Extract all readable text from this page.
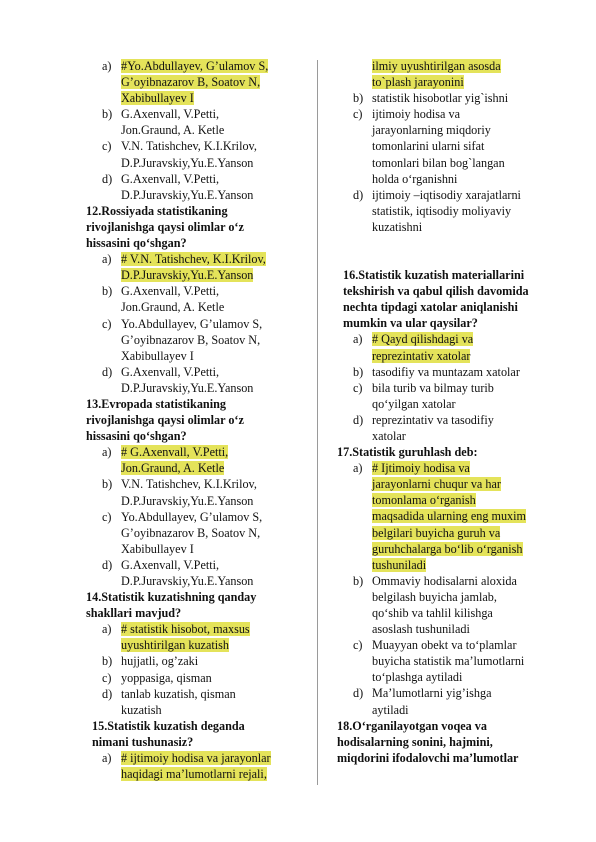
a) #Yo.Abdullayev, G’ulamov S,
G’oyibnazarov B, Soatov N,
Xabibullayev I
b) G.Axenvall, V.Petti,
Jon.Graund, A. Ketle
c) V.N. Tatishchev, K.I.Krilov,
D.P.Juravskiy,Yu.E.Yanson
d) G.Axenvall, V.Petti,
D.P.Juravskiy,Yu.E.Yanson

12.Rossiyada statistikaning
rivojlanishga qaysi olimlar o‘z
hissasini qo‘shgan?

a) # V.N. Tatishchev, K.I.Krilov,
D.P.Juravskiy,Yu.E.Yanson
b) G.Axenvall, V.Petti,
Jon.Graund, A. Ketle
c) Yo.Abdullayev, G’ulamov S,
G’oyibnazarov B, Soatov N,
Xabibullayev I
d) G.Axenvall, V.Petti,
D.P.Juravskiy,Yu.E.Yanson

13.Evropada statistikaning
rivojlanishga qaysi olimlar o‘z
hissasini qo‘shgan?

a) # G.Axenvall, V.Petti,
Jon.Graund, A. Ketle
b) V.N. Tatishchev, K.I.Krilov,
D.P.Juravskiy,Yu.E.Yanson
c) Yo.Abdullayev, G’ulamov S,
G’oyibnazarov B, Soatov N,
Xabibullayev I
d) G.Axenvall, V.Petti,
D.P.Juravskiy,Yu.E.Yanson

14.Statistik kuzatishning qanday
shakllari mavjud?

a) # statistik hisobot, maxsus
uyushtirilgan kuzatish
b) hujjatli, og’zaki
c) yoppasiga, qisman
d) tanlab kuzatish, qisman
kuzatish

15.Statistik kuzatish deganda
nimani tushunasiz?

a) # ijtimoiy hodisa va jarayonlar
haqidagi ma’lumotlarni rejali,
ilmiy uyushtirilgan asosda
to`plash jarayonini
b) statistik hisobotlar yig`ishni
c) ijtimoiy hodisa va
jarayonlarning miqdoriy
tomonlarini ularni sifat
tomonlari bilan bog`langan
holda o‘rganishni
d) ijtimoiy –iqtisodiy xarajatlarni
statistik, iqtisodiy moliyaviy
kuzatishni

16.Statistik kuzatish materiallarini
tekshirish va qabul qilish davomida
nechta tipdagi xatolar aniqlanishi
mumkin va ular qaysilar?

a) # Qayd qilishdagi va
reprezintativ xatolar
b) tasodifiy va muntazam xatolar
c) bila turib va bilmay turib
qo‘yilgan xatolar
d) reprezintativ va tasodifiy
xatolar

17.Statistik guruhlash deb:

a) # Ijtimoiy hodisa va
jarayonlarni chuqur va har
tomonlama o‘rganish
maqsadida ularning eng muxim
belgilari buyicha guruh va
guruhchalarga bo‘lib o‘rganish
tushuniladi
b) Ommaviy hodisalarni aloxida
belgilash buyicha jamlab,
qo‘shib va tahlil kilishga
asoslash tushuniladi
c) Muayyan obekt va to‘plamlar
buyicha statistik ma’lumotlarni
to‘plashga aytiladi
d) Ma’lumotlarni yig’ishga
aytiladi

18.O‘rganilayotgan voqea va
hodisalarning sonini, hajmini,
miqdorini ifodalovchi ma’lumotlar
